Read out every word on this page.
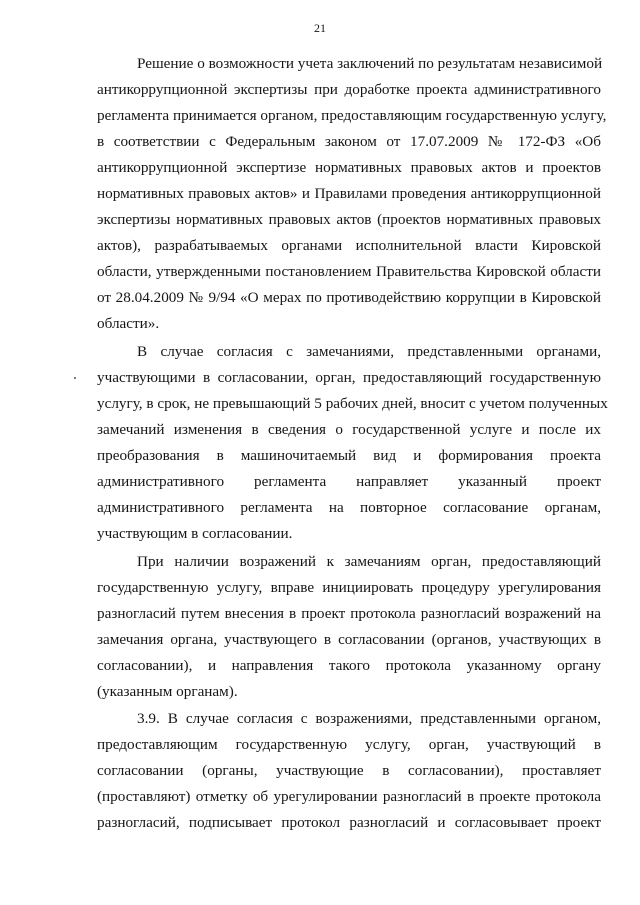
21
Решение о возможности учета заключений по результатам независимой
антикоррупционной экспертизы при доработке проекта административного
регламента принимается органом, предоставляющим государственную услугу,
в соответствии с Федеральным законом от 17.07.2009 № 172-ФЗ «Об
антикоррупционной экспертизе нормативных правовых актов и проектов
нормативных правовых актов» и Правилами проведения антикоррупционной
экспертизы нормативных правовых актов (проектов нормативных правовых
актов), разрабатываемых органами исполнительной власти Кировской
области, утвержденными постановлением Правительства Кировской области
от 28.04.2009 № 9/94 «О мерах по противодействию коррупции в Кировской
области».
В случае согласия с замечаниями, представленными органами,
участвующими в согласовании, орган, предоставляющий государственную
услугу, в срок, не превышающий 5 рабочих дней, вносит с учетом полученных
замечаний изменения в сведения о государственной услуге и после их
преобразования в машиночитаемый вид и формирования проекта
административного регламента направляет указанный проект
административного регламента на повторное согласование органам,
участвующим в согласовании.
При наличии возражений к замечаниям орган, предоставляющий
государственную услугу, вправе инициировать процедуру урегулирования
разногласий путем внесения в проект протокола разногласий возражений на
замечания органа, участвующего в согласовании (органов, участвующих в
согласовании), и направления такого протокола указанному органу
(указанным органам).
3.9. В случае согласия с возражениями, представленными органом,
предоставляющим государственную услугу, орган, участвующий в
согласовании (органы, участвующие в согласовании), проставляет
(проставляют) отметку об урегулировании разногласий в проекте протокола
разногласий, подписывает протокол разногласий и согласовывает проект
